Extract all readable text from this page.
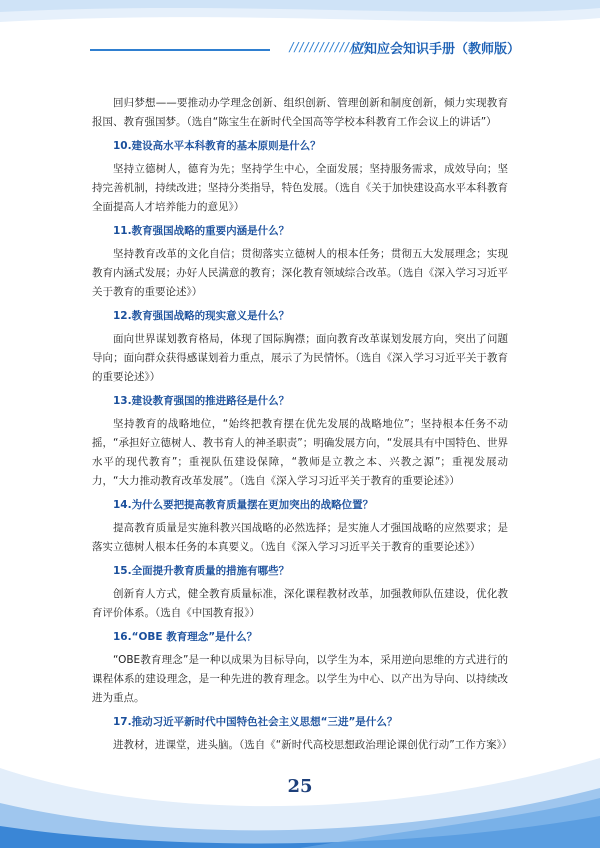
////////////////
应知应会知识手册（教师版）

回归梦想——要推动办学理念创新、组织创新、管理创新和制度创新，倾力实现教育报国、教育强国梦。（选自“陈宝生在新时代全国高等学校本科教育工作会议上的讲话”）

10.建设高水平本科教育的基本原则是什么？

坚持立德树人，德育为先；坚持学生中心，全面发展；坚持服务需求，成效导向；坚持完善机制，持续改进；坚持分类指导，特色发展。（选自《关于加快建设高水平本科教育全面提高人才培养能力的意见》）

11.教育强国战略的重要内涵是什么？

坚持教育改革的文化自信；贯彻落实立德树人的根本任务；贯彻五大发展理念；实现教育内涵式发展；办好人民满意的教育；深化教育领域综合改革。（选自《深入学习习近平关于教育的重要论述》）

12.教育强国战略的现实意义是什么？

面向世界谋划教育格局，体现了国际胸襟；面向教育改革谋划发展方向，突出了问题导向；面向群众获得感谋划着力重点，展示了为民情怀。（选自《深入学习习近平关于教育的重要论述》）

13.建设教育强国的推进路径是什么？

坚持教育的战略地位，“始终把教育摆在优先发展的战略地位”；坚持根本任务不动摇，“承担好立德树人、教书育人的神圣职责”；明确发展方向，“发展具有中国特色、世界水平的现代教育”；重视队伍建设保障，“教师是立教之本、兴教之源”；重视发展动力，“大力推动教育改革发展”。（选自《深入学习习近平关于教育的重要论述》）

14.为什么要把提高教育质量摆在更加突出的战略位置？

提高教育质量是实施科教兴国战略的必然选择；是实施人才强国战略的应然要求；是落实立德树人根本任务的本真要义。（选自《深入学习习近平关于教育的重要论述》）

15.全面提升教育质量的措施有哪些？

创新育人方式，健全教育质量标准，深化课程教材改革，加强教师队伍建设，优化教育评价体系。（选自《中国教育报》）

16.“OBE 教育理念”是什么？

“OBE教育理念”是一种以成果为目标导向，以学生为本，采用逆向思维的方式进行的课程体系的建设理念，是一种先进的教育理念。以学生为中心、以产出为导向、以持续改进为重点。

17.推动习近平新时代中国特色社会主义思想“三进”是什么？

进教材，进课堂，进头脑。（选自《“新时代高校思想政治理论课创优行动”工作方案》）

25
